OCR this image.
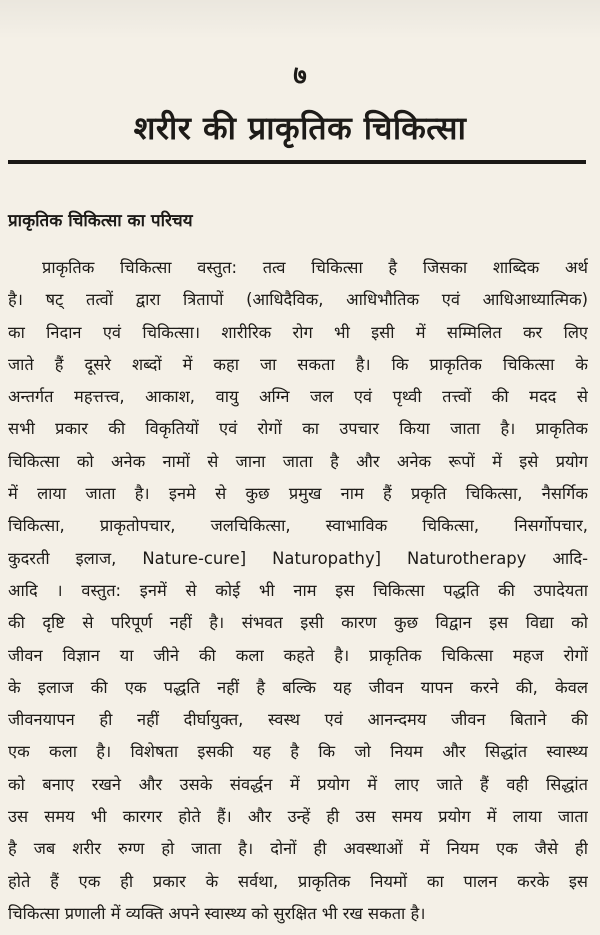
७
शरीर की प्राकृतिक चिकित्सा
प्राकृतिक चिकित्सा का परिचय
प्राकृतिक चिकित्सा वस्तुत: तत्व चिकित्सा है जिसका शाब्दिक अर्थ
है। षट् तत्वों द्वारा त्रितापों (आधिदैविक, आधिभौतिक एवं आधिआध्यात्मिक)
का निदान एवं चिकित्सा। शारीरिक रोग भी इसी में सम्मिलित कर लिए
जाते हैं दूसरे शब्दों में कहा जा सकता है। कि प्राकृतिक चिकित्सा के
अन्तर्गत महत्तत्त्व, आकाश, वायु अग्नि जल एवं पृथ्वी तत्त्वों की मदद से
सभी प्रकार की विकृतियों एवं रोगों का उपचार किया जाता है। प्राकृतिक
चिकित्सा को अनेक नामों से जाना जाता है और अनेक रूपों में इसे प्रयोग
में लाया जाता है। इनमे से कुछ प्रमुख नाम हैं प्रकृति चिकित्सा, नैसर्गिक
चिकित्सा, प्राकृतोपचार, जलचिकित्सा, स्वाभाविक चिकित्सा, निसर्गोपचार,
कुदरती इलाज, Nature-cure] Naturopathy] Naturotherapy आदि-
आदि । वस्तुत: इनमें से कोई भी नाम इस चिकित्सा पद्धति की उपादेयता
की दृष्टि से परिपूर्ण नहीं है। संभवत इसी कारण कुछ विद्वान इस विद्या को
जीवन विज्ञान या जीने की कला कहते है। प्राकृतिक चिकित्सा महज रोगों
के इलाज की एक पद्धति नहीं है बल्कि यह जीवन यापन करने की, केवल
जीवनयापन ही नहीं दीर्घायुक्त, स्वस्थ एवं आनन्दमय जीवन बिताने की
एक कला है। विशेषता इसकी यह है कि जो नियम और सिद्धांत स्वास्थ्य
को बनाए रखने और उसके संवर्द्धन में प्रयोग में लाए जाते हैं वही सिद्धांत
उस समय भी कारगर होते हैं। और उन्हें ही उस समय प्रयोग में लाया जाता
है जब शरीर रुग्ण हो जाता है। दोनों ही अवस्थाओं में नियम एक जैसे ही
होते हैं एक ही प्रकार के सर्वथा, प्राकृतिक नियमों का पालन करके इस
चिकित्सा प्रणाली में व्यक्ति अपने स्वास्थ्य को सुरक्षित भी रख सकता है।
